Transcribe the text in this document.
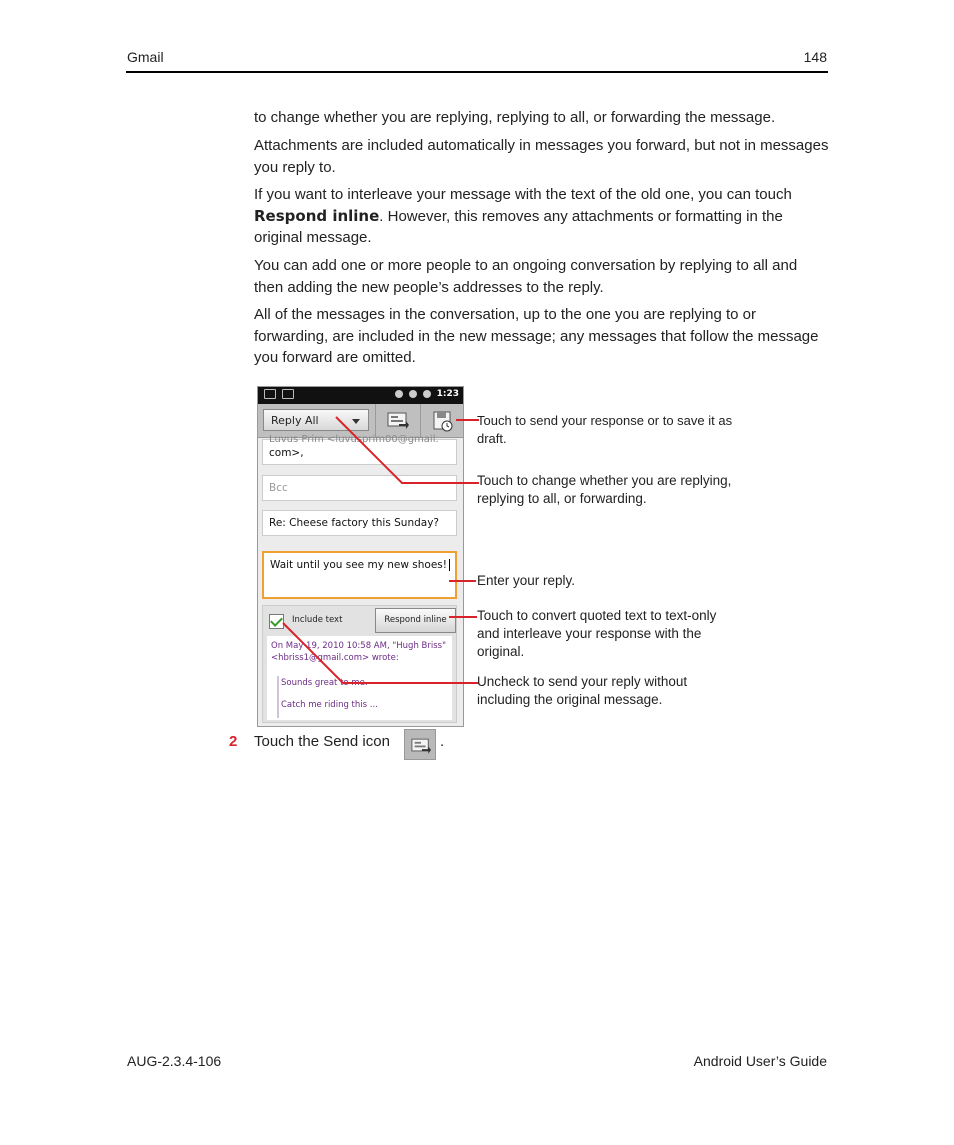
Gmail	148

to change whether you are replying, replying to all, or forwarding the message.

Attachments are included automatically in messages you forward, but not in messages you reply to.

If you want to interleave your message with the text of the old one, you can touch Respond inline. However, this removes any attachments or formatting in the original message.

You can add one or more people to an ongoing conversation by replying to all and then adding the new people’s addresses to the reply.

All of the messages in the conversation, up to the one you are replying to or forwarding, are included in the new message; any messages that follow the message you forward are omitted.

1:23
Reply All
Luvus Prim <luvusprim00@gmail.
com>,
Bcc
Re: Cheese factory this Sunday?
Wait until you see my new shoes!
Include text	Respond inline
On May 19, 2010 10:58 AM, "Hugh Briss" <hbriss1@gmail.com> wrote:
Sounds great to me.
Catch me riding this ...
Touch to send your response or to save it as draft.
Touch to change whether you are replying, replying to all, or forwarding.
Enter your reply.
Touch to convert quoted text to text-only and interleave your response with the original.
Uncheck to send your reply without including the original message.
2 Touch the Send icon	.
AUG-2.3.4-106	Android User’s Guide
